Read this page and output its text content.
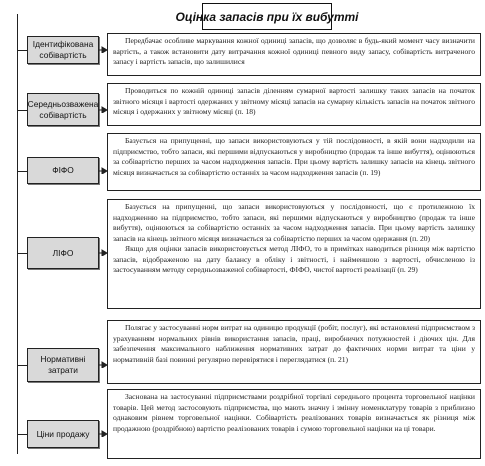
Оцінка запасів при їх вибутті
Ідентифікована собівартість

Передбачає особливе маркування кожної одиниці запасів, що дозволяє в будь-який момент часу визначити вартість, а також встановити дату витрачання кожної одиниці певного виду запасу, собівартість витраченого запасу і вартість запасів, що залишилися

Середньозважена собівартість

Проводиться по кожній одиниці запасів діленням сумарної вартості залишку таких запасів на початок звітного місяця і вартості одержаних у звітному місяці запасів на сумарну кількість запасів на початок звітного місяця і одержаних у звітному місяці (п. 18)

ФІФО

Базується на припущенні, що запаси використовуються у тій послідовності, в якій вони надходили на підприємство, тобто запаси, які першими відпускаються у виробництво (продаж та інше вибуття), оцінюються за собівартістю перших за часом надходження запасів. При цьому вартість залишку запасів на кінець звітного місяця визначається за собівартістю останніх за часом надходження запасів (п. 19)

ЛІФО

Базується на припущенні, що запаси використовуються у послідовності, що є протилежною їх надходженню на підприємство, тобто запаси, які першими відпускаються у виробництво (продаж та інше вибуття), оцінюються за собівартістю останніх за часом надходження запасів. При цьому вартість залишку запасів на кінець звітного місяця визначається за собівартістю перших за часом одержання (п. 20)

Якщо для оцінки запасів використовується метод ЛІФО, то в примітках наводиться різниця між вартістю запасів, відображеною на дату балансу в обліку і звітності, і найменшою з вартості, обчисленою із застосуванням методу середньозваженої собівартості, ФІФО, чистої вартості реалізації (п. 29)

Нормативні затрати

Полягає у застосуванні норм витрат на одиницю продукції (робіт, послуг), які встановлені підприємством з урахуванням нормальних рівнів використання запасів, праці, виробничих потужностей і діючих цін. Для забезпечення максимального наближення нормативних затрат до фактичних норми витрат та ціни у нормативній базі повинні регулярно перевірятися і переглядатися (п. 21)

Ціни продажу

Заснована на застосуванні підприємствами роздрібної торгівлі середнього процента торговельної націнки товарів. Цей метод застосовують підприємства, що мають значну і змінну номенклатуру товарів з приблизно однаковим рівнем торговельної націнки. Собівартість реалізованих товарів визначається як різниця між продажною (роздрібною) вартістю реалізованих товарів і сумою торговельної націнки на ці товари.
